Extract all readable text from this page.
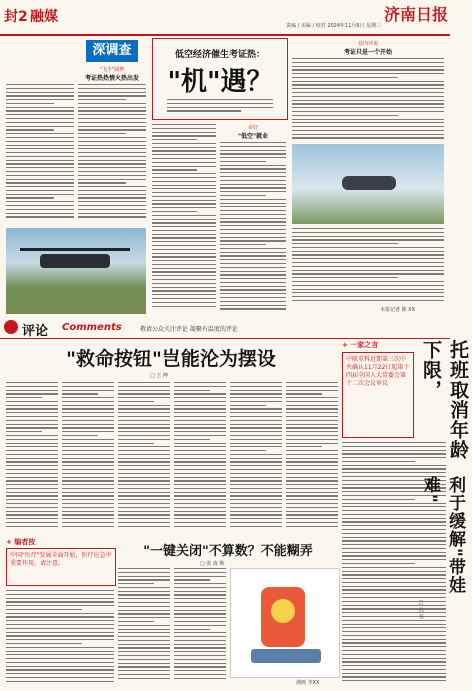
封2 融媒	济南日报
责编 / 美编 / 校对 2024年11月6日 星期三
深调查
"飞手"圆梦
考证热热情火热出发
低空经济催生考证热：
"机"遇？
看好
"低空"就业
业内评说
考证只是一个开始
本报记者 陈 XX
评论 Comments	敬请公众关注评论 凝聚有温度的评论
"救命按钮"岂能沦为摆设
□ 王 博
+ 编者按
中国"医疗"发展全面开始，医疗应急中重要作用，请注意。
"一键关闭"不算数？不能糊弄
□ 张 涛 辉
漫画 李XX
+ 一家之言
中联重科近期第三次中央确认11月22日起第十四届全国人大常委会第十二次会议审议	托班取消年龄下限，
利于缓解"带娃难"
□ 吕 佳
